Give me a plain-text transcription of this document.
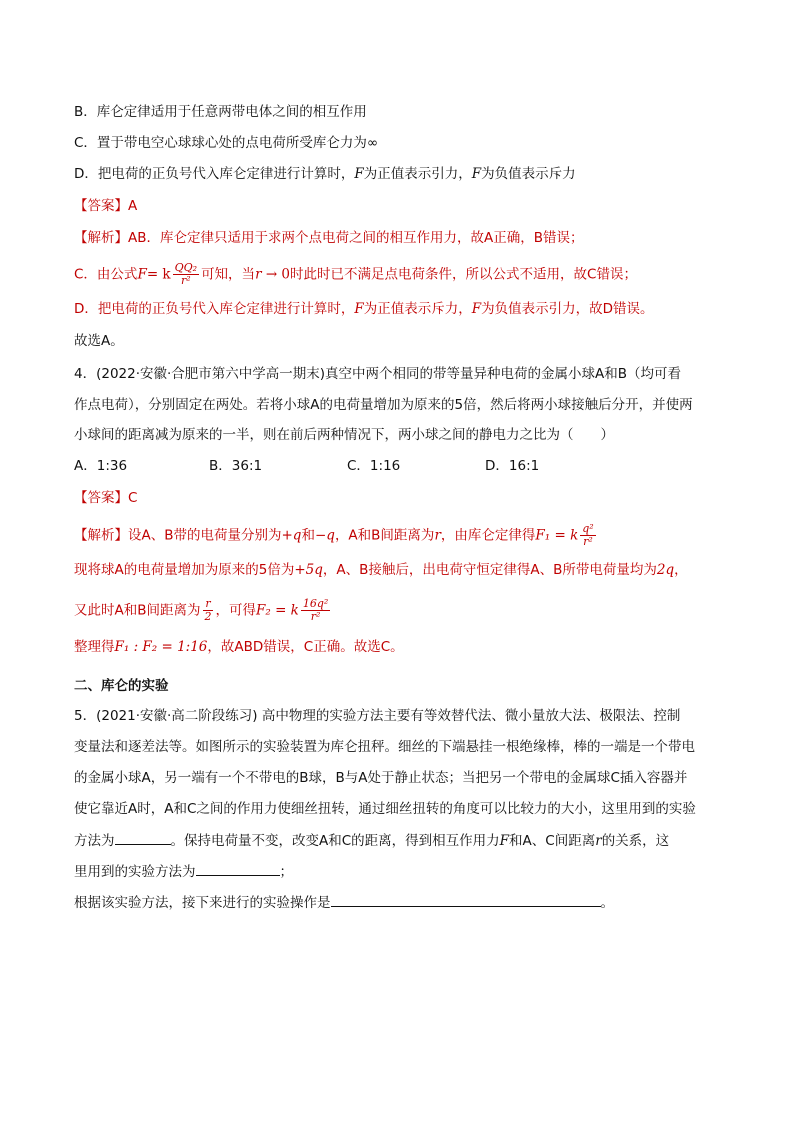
B．库仑定律适用于任意两带电体之间的相互作用
C．置于带电空心球球心处的点电荷所受库仑力为∞
D．把电荷的正负号代入库仑定律进行计算时，F为正值表示引力，F为负值表示斥力
【答案】A
【解析】AB．库仑定律只适用于求两个点电荷之间的相互作用力，故A正确，B错误；
C．由公式F= k $\frac{\text{QQ₂}}{\text{r²}}$ 可知，当r → 0时此时已不满足点电荷条件，所以公式不适用，故C错误；
D．把电荷的正负号代入库仑定律进行计算时，F为正值表示斥力，F为负值表示引力，故D错误。
故选A。
4．(2022·安徽·合肥市第六中学高一期末)真空中两个相同的带等量异种电荷的金属小球A和B（均可看
作点电荷），分别固定在两处。若将小球A的电荷量增加为原来的5倍，然后将两小球接触后分开，并使两
小球间的距离减为原来的一半，则在前后两种情况下，两小球之间的静电力之比为（　　）
A．1:36	B．36:1	C．1:16	D．16:1
【答案】C
【解析】设A、B带的电荷量分别为+q和−q，A和B间距离为r，由库仑定律得F₁ = k $\frac{\text{q²}}{\text{r²}}$
现将球A的电荷量增加为原来的5倍为+5q，A、B接触后，出电荷守恒定律得A、B所带电荷量均为2q，
又此时A和B间距离为 $\frac{r}{2}$ ，可得F₂ = k $\frac{\text{16q²}}{\text{r²}}$
整理得F₁ : F₂ = 1:16，故ABD错误，C正确。故选C。
二、库仑的实验
5．(2021·安徽·高二阶段练习) 高中物理的实验方法主要有等效替代法、微小量放大法、极限法、控制
变量法和逐差法等。如图所示的实验装置为库仑扭秤。细丝的下端悬挂一根绝缘棒，棒的一端是一个带电
的金属小球A，另一端有一个不带电的B球，B与A处于静止状态；当把另一个带电的金属球C插入容器并
使它靠近A时，A和C之间的作用力使细丝扭转，通过细丝扭转的角度可以比较力的大小，这里用到的实验
方法为	。保持电荷量不变，改变A和C的距离，得到相互作用力F和A、C间距离r的关系，这
里用到的实验方法为	；
根据该实验方法，接下来进行的实验操作是	。
